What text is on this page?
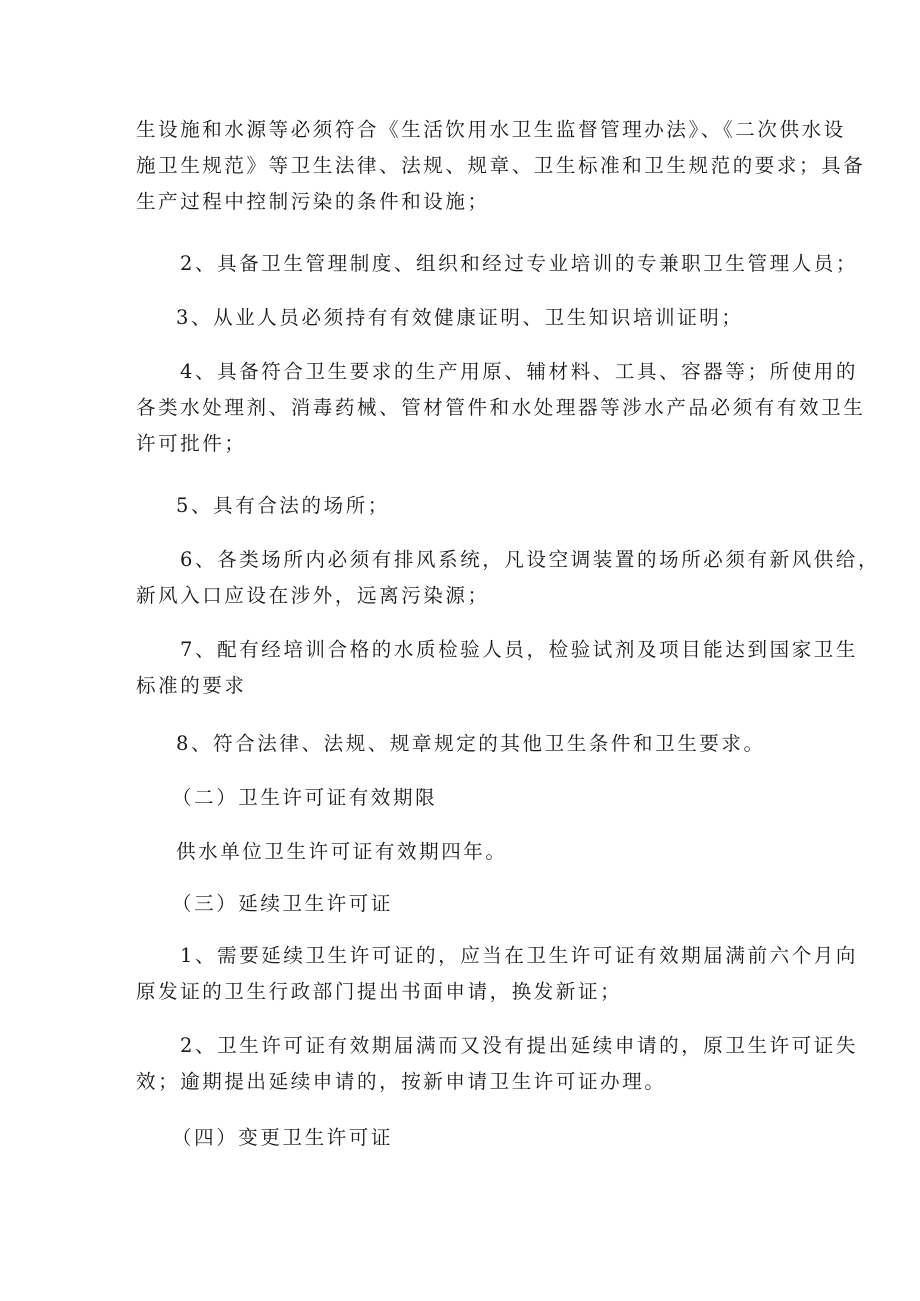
生设施和水源等必须符合《生活饮用水卫生监督管理办法》、《二次供水设
施卫生规范》等卫生法律、法规、规章、卫生标准和卫生规范的要求；具备
生产过程中控制污染的条件和设施；
2、具备卫生管理制度、组织和经过专业培训的专兼职卫生管理人员；
3、从业人员必须持有有效健康证明、卫生知识培训证明；
4、具备符合卫生要求的生产用原、辅材料、工具、容器等；所使用的
各类水处理剂、消毒药械、管材管件和水处理器等涉水产品必须有有效卫生
许可批件；
5、具有合法的场所；
6、各类场所内必须有排风系统，凡设空调装置的场所必须有新风供给，
新风入口应设在涉外，远离污染源；
7、配有经培训合格的水质检验人员，检验试剂及项目能达到国家卫生
标准的要求
8、符合法律、法规、规章规定的其他卫生条件和卫生要求。
（二）卫生许可证有效期限
供水单位卫生许可证有效期四年。
（三）延续卫生许可证
1、需要延续卫生许可证的，应当在卫生许可证有效期届满前六个月向
原发证的卫生行政部门提出书面申请，换发新证；
2、卫生许可证有效期届满而又没有提出延续申请的，原卫生许可证失
效；逾期提出延续申请的，按新申请卫生许可证办理。
（四）变更卫生许可证
